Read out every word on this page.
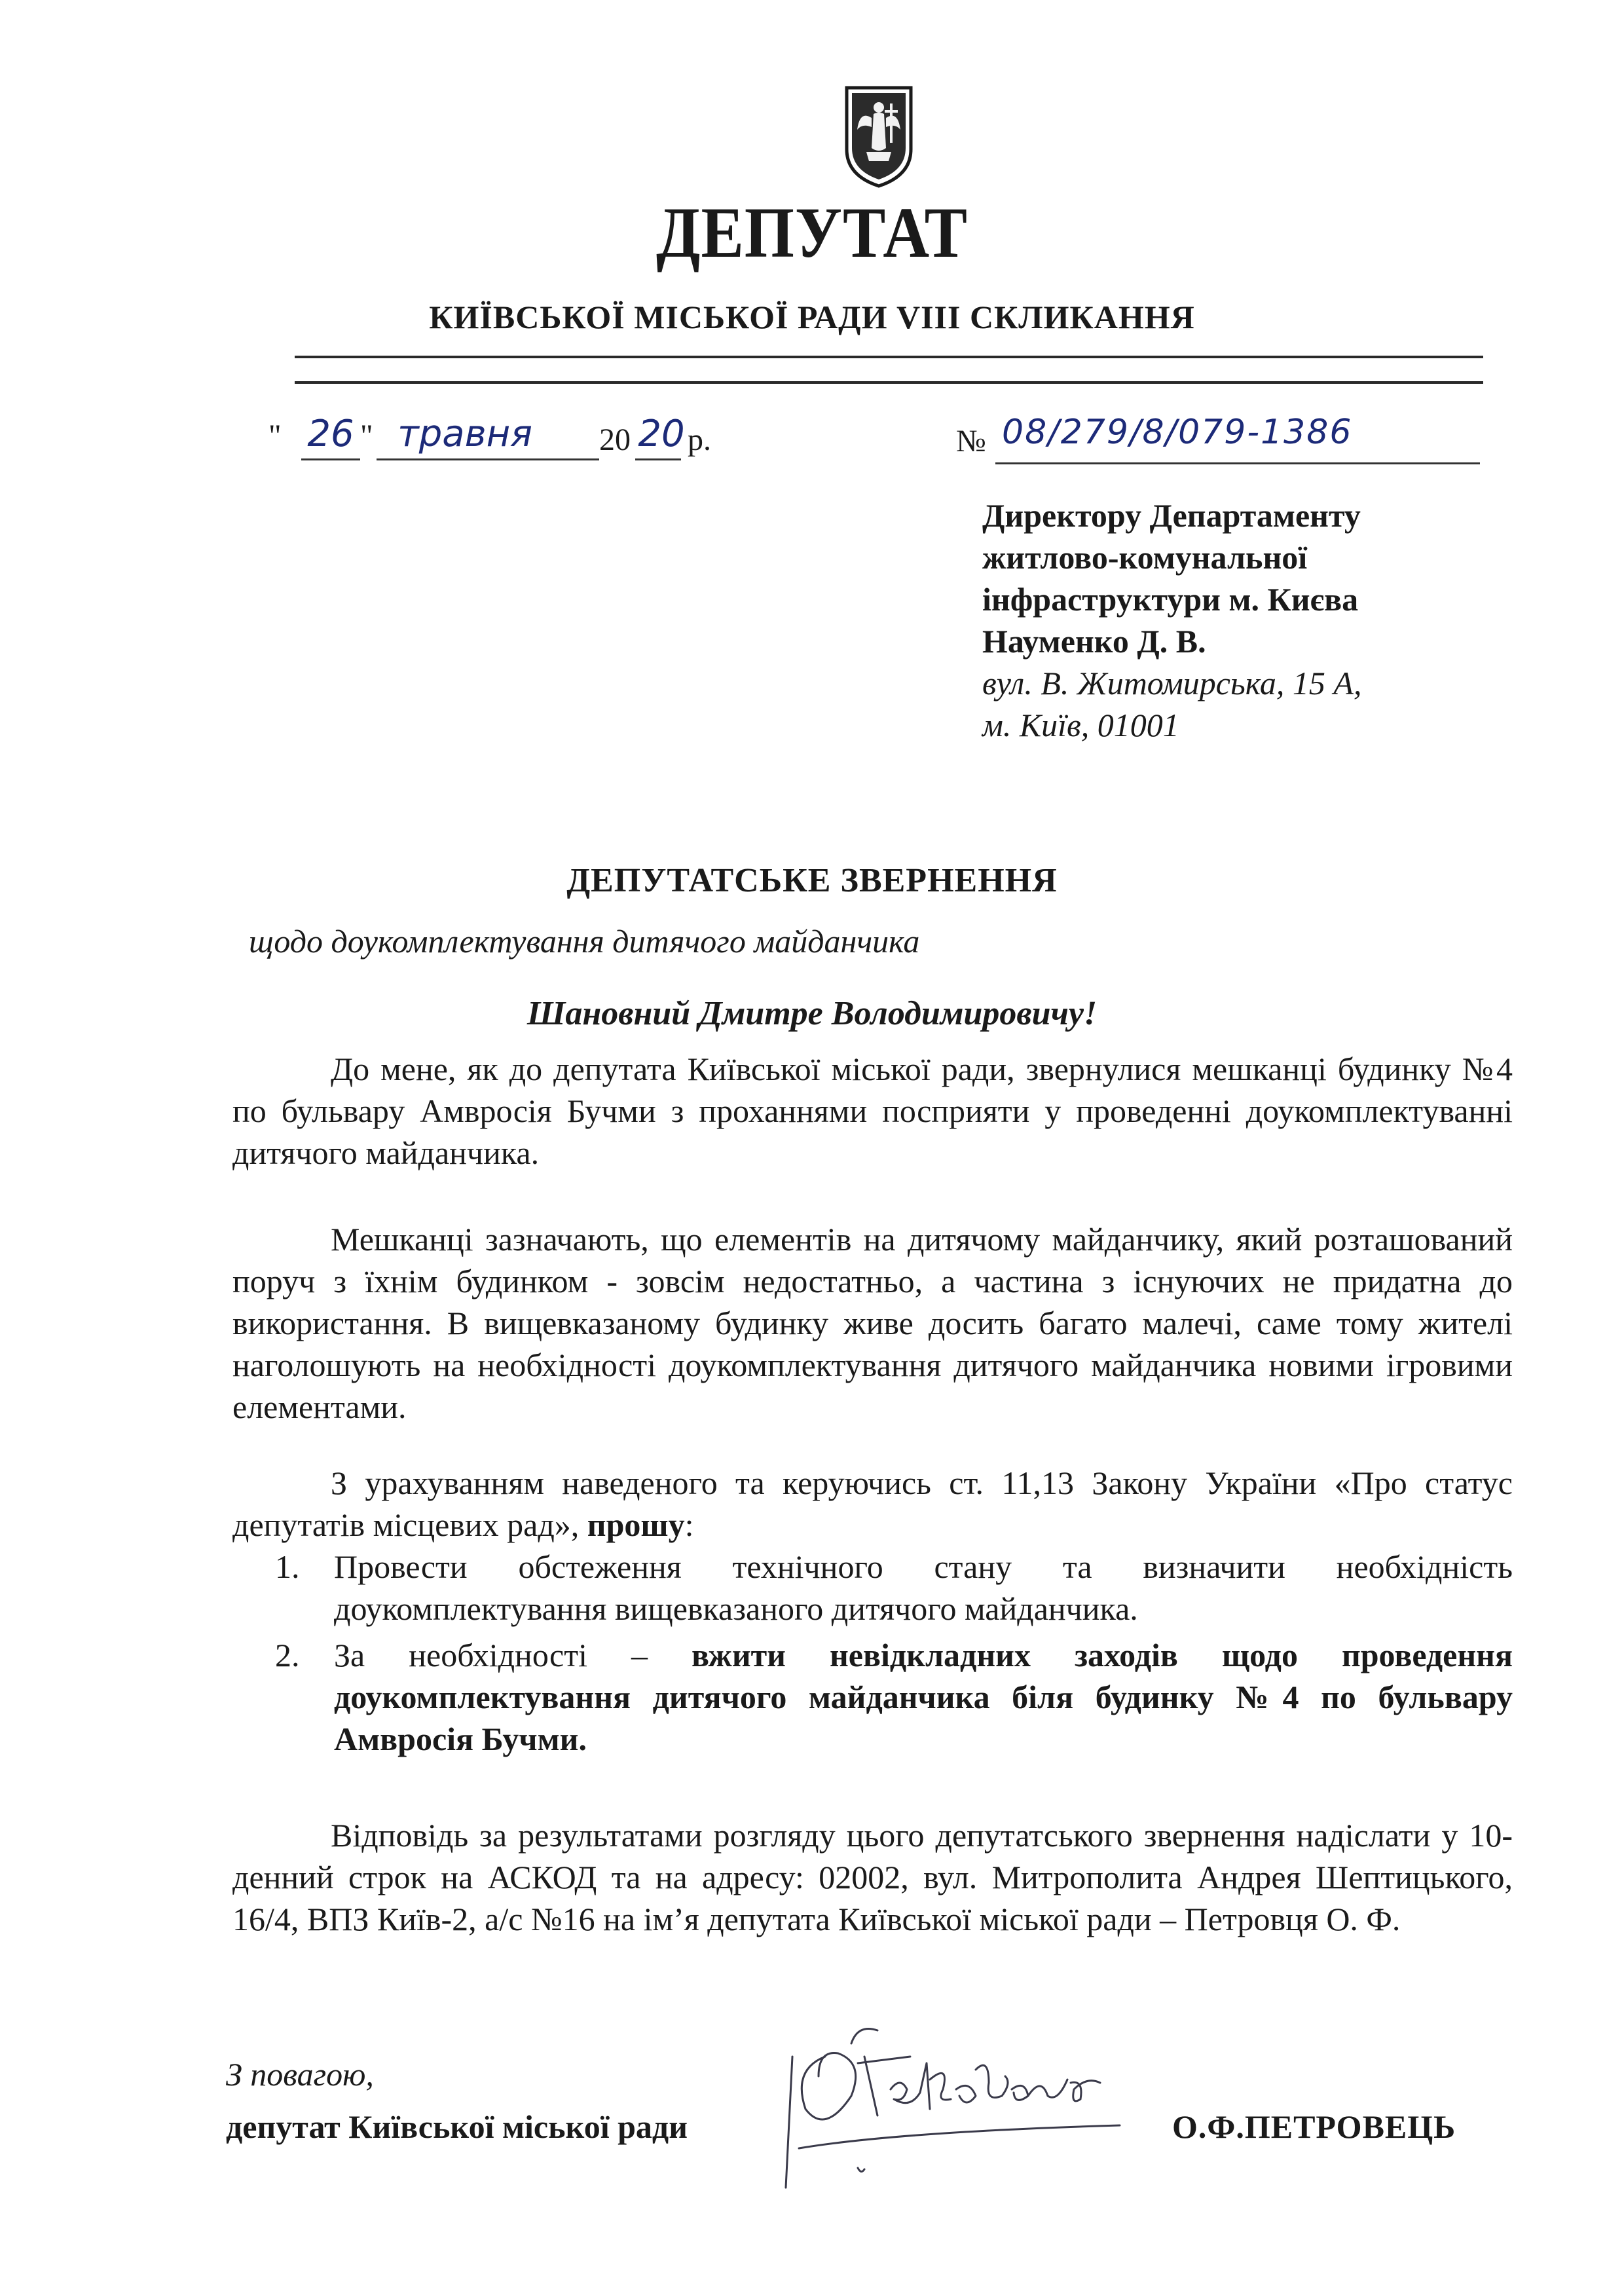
ДЕПУТАТ
КИЇВСЬКОЇ МІСЬКОЇ РАДИ VIII СКЛИКАННЯ
" 26 " травня	20 20 р.	№ 08/279/8/079-1386
Директору Департаменту
житлово-комунальної
інфраструктури м. Києва
Науменко Д. В.
вул. В. Житомирська, 15 А,
м. Київ, 01001
ДЕПУТАТСЬКЕ ЗВЕРНЕННЯ
щодо доукомплектування дитячого майданчика
Шановний Дмитре Володимировичу!
До мене, як до депутата Київської міської ради, звернулися мешканці будинку №4 по бульвару Амвросія Бучми з проханнями посприяти у проведенні доукомплектуванні дитячого майданчика.
Мешканці зазначають, що елементів на дитячому майданчику, який розташований поруч з їхнім будинком - зовсім недостатньо, а частина з існуючих не придатна до використання. В вищевказаному будинку живе досить багато малечі, саме тому жителі наголошують на необхідності доукомплектування дитячого майданчика новими ігровими елементами.
З урахуванням наведеного та керуючись ст. 11,13 Закону України «Про статус депутатів місцевих рад», прошу:
1.	Провести обстеження технічного стану та визначити необхідність доукомплектування вищевказаного дитячого майданчика.
2.	За необхідності – вжити невідкладних заходів щодо проведення доукомплектування дитячого майданчика біля будинку №4 по бульвару Амвросія Бучми.
Відповідь за результатами розгляду цього депутатського звернення надіслати у 10-денний строк на АСКОД та на адресу: 02002, вул. Митрополита Андрея Шептицького, 16/4, ВПЗ Київ-2, а/с №16 на ім’я депутата Київської міської ради – Петровця О. Ф.
З повагою,
депутат Київської міської ради	О.Ф.ПЕТРОВЕЦЬ
